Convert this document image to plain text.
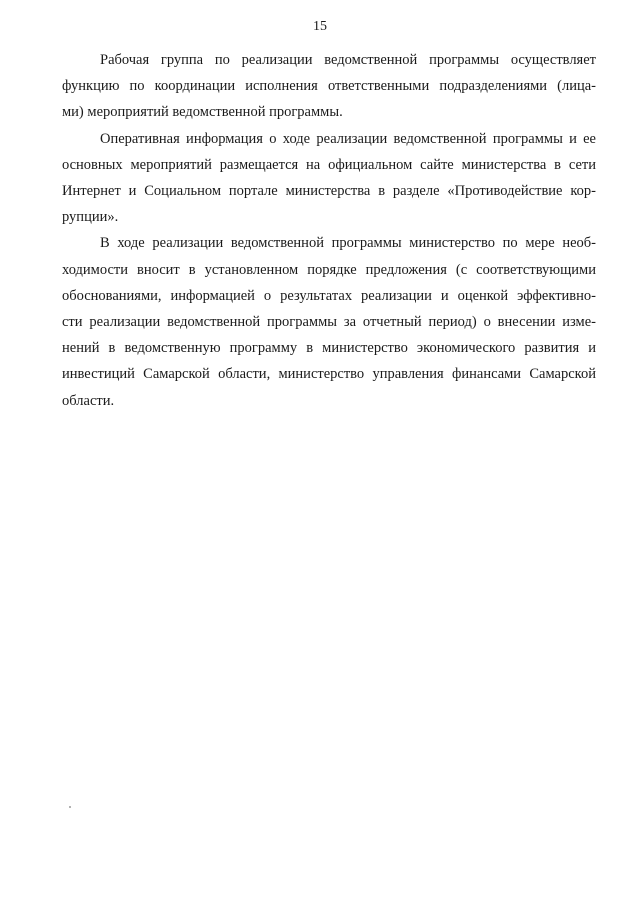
15
Рабочая группа по реализации ведомственной программы осуществляет
функцию по координации исполнения ответственными подразделениями (лица-
ми) мероприятий ведомственной программы.
Оперативная информация о ходе реализации ведомственной программы и ее
основных мероприятий размещается на официальном сайте министерства в сети
Интернет и Социальном портале министерства в разделе «Противодействие кор-
рупции».
В ходе реализации ведомственной программы министерство по мере необ-
ходимости вносит в установленном порядке предложения (с соответствующими
обоснованиями, информацией о результатах реализации и оценкой эффективно-
сти реализации ведомственной программы за отчетный период) о внесении изме-
нений в ведомственную программу в министерство экономического развития и
инвестиций Самарской области, министерство управления финансами Самарской
области.
